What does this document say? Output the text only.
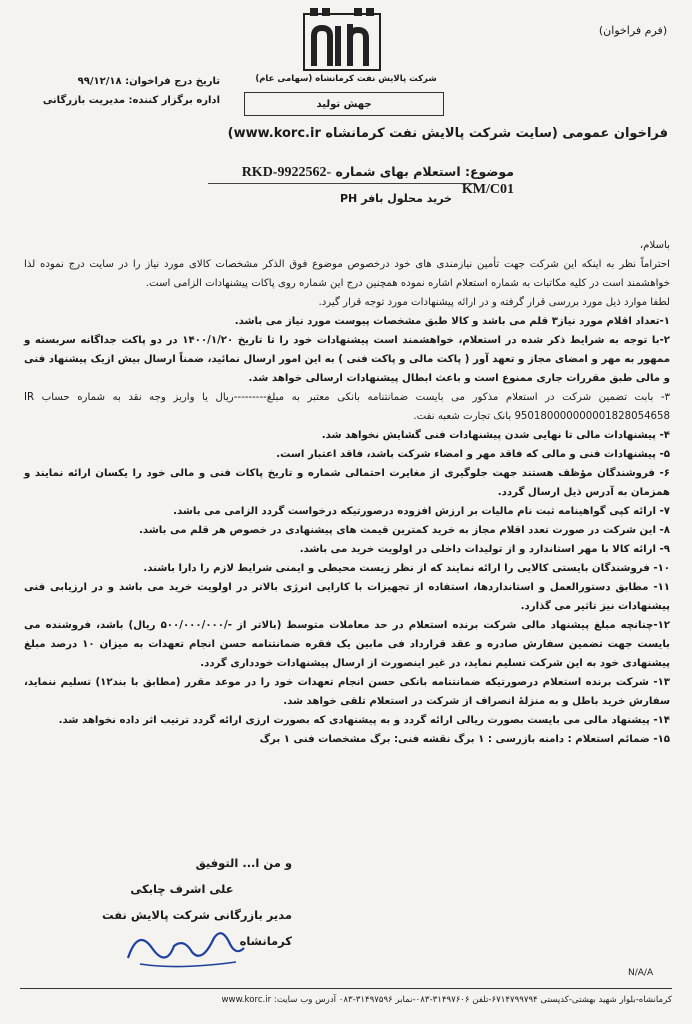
(فرم فراخوان)
شرکت پالایش نفت کرمانشاه (سهامی عام)
جهش تولید
تاریخ درج فراخوان: ۹۹/۱۲/۱۸
اداره برگزار کننده: مدیریت بازرگانی
فراخوان عمومی (سایت شرکت پالایش نفت کرمانشاه www.korc.ir)
موضوع: استعلام بهای شماره RKD-9922562-KM/C01
خرید محلول بافر PH

باسلام،

احتراماً نظر به اینکه این شرکت جهت تأمین نیازمندی های خود درخصوص موضوع فوق الذکر مشخصات کالای مورد نیاز را در سایت درج نموده لذا خواهشمند است در کلیه مکاتبات به شماره استعلام اشاره نموده همچنین درج این شماره روی پاکات پیشنهادات الزامی است.

لطفا موارد ذیل مورد بررسی قرار گرفته و در ارائه پیشنهادات مورد توجه قرار گیرد.

۱-تعداد اقلام مورد نیاز۳ قلم می باشد و کالا طبق مشخصات پیوست مورد نیاز می باشد.

۲-با توجه به شرایط ذکر شده در استعلام، خواهشمند است پیشنهادات خود را تا تاریخ ۱۴۰۰/۱/۲۰ در دو پاکت جداگانه سربسته و ممهور به مهر و امضای مجاز و تعهد آور ( پاکت مالی و پاکت فنی ) به این امور ارسال نمائید، ضمناً ارسال بیش ازیک پیشنهاد فنی و مالی طبق مقررات جاری ممنوع است و باعث ابطال پیشنهادات ارسالی خواهد شد.

۳- بابت تضمین شرکت در استعلام مذکور می بایست ضمانتنامه بانکی معتبر به مبلغ---------ریال یا واریز وجه نقد به شماره حساب IR 950180000000001828054658 بانک تجارت شعبه نفت.

۴- پیشنهادات مالی تا نهایی شدن پیشنهادات فنی گشایش نخواهد شد.

۵- پیشنهادات فنی و مالی که فاقد مهر و امضاء شرکت باشد، فاقد اعتبار است.

۶- فروشندگان مؤظف هستند جهت جلوگیری از مغایرت احتمالی شماره و تاریخ پاکات فنی و مالی خود را یکسان ارائه نمایند و همزمان به آدرس ذیل ارسال گردد.

۷- ارائه کپی گواهینامه ثبت نام مالیات بر ارزش افزوده درصورتیکه درخواست گردد الزامی می باشد.

۸- این شرکت در صورت تعدد اقلام مجاز به خرید کمترین قیمت های پیشنهادی در خصوص هر قلم می باشد.

۹- ارائه کالا با مهر استاندارد و از تولیدات داخلی در اولویت خرید می باشد.

۱۰- فروشندگان بایستی کالایی را ارائه نمایند که از نظر زیست محیطی و ایمنی شرایط لازم را دارا باشند.

۱۱- مطابق دستورالعمل و استانداردها، استفاده از تجهیزات با کارایی انرژی بالاتر در اولویت خرید می باشد و در ارزیابی فنی پیشنهادات نیز تاثیر می گذارد.

۱۲-چنانچه مبلغ پیشنهاد مالی شرکت برنده استعلام در حد معاملات متوسط (بالاتر از -/۵۰۰/۰۰۰/۰۰۰ ریال) باشد، فروشنده می بایست جهت تضمین سفارش صادره و عقد قرارداد فی مابین یک فقره ضمانتنامه حسن انجام تعهدات به میزان ۱۰ درصد مبلغ پیشنهادی خود به این شرکت تسلیم نماید، در غیر اینصورت از ارسال پیشنهادات خودداری گردد.

۱۳- شرکت برنده استعلام درصورتیکه ضمانتنامه بانکی حسن انجام تعهدات خود را در موعد مقرر (مطابق با بند۱۲) تسلیم ننماید، سفارش خرید باطل و به منزلهٔ انصراف از شرکت در استعلام تلقی خواهد شد.

۱۴- پیشنهاد مالی می بایست بصورت ریالی ارائه گردد و به پیشنهادی که بصورت ارزی ارائه گردد ترتیب اثر داده نخواهد شد.

۱۵- ضمائم استعلام : دامنه بازرسی : ۱ برگ نقشه فنی: برگ مشخصات فنی ۱ برگ

و من ا... التوفیق
علی اشرف چابکی
مدیر بازرگانی شرکت پالایش نفت کرمانشاه
N/A/A
کرمانشاه-بلوار شهید بهشتی-کدپستی ۶۷۱۴۷۹۹۷۹۴-تلفن ۳۱۴۹۷۶۰۶-۰۸۳-نمابر ۳۱۴۹۷۵۹۶-۰۸۳ آدرس وب سایت: www.korc.ir
